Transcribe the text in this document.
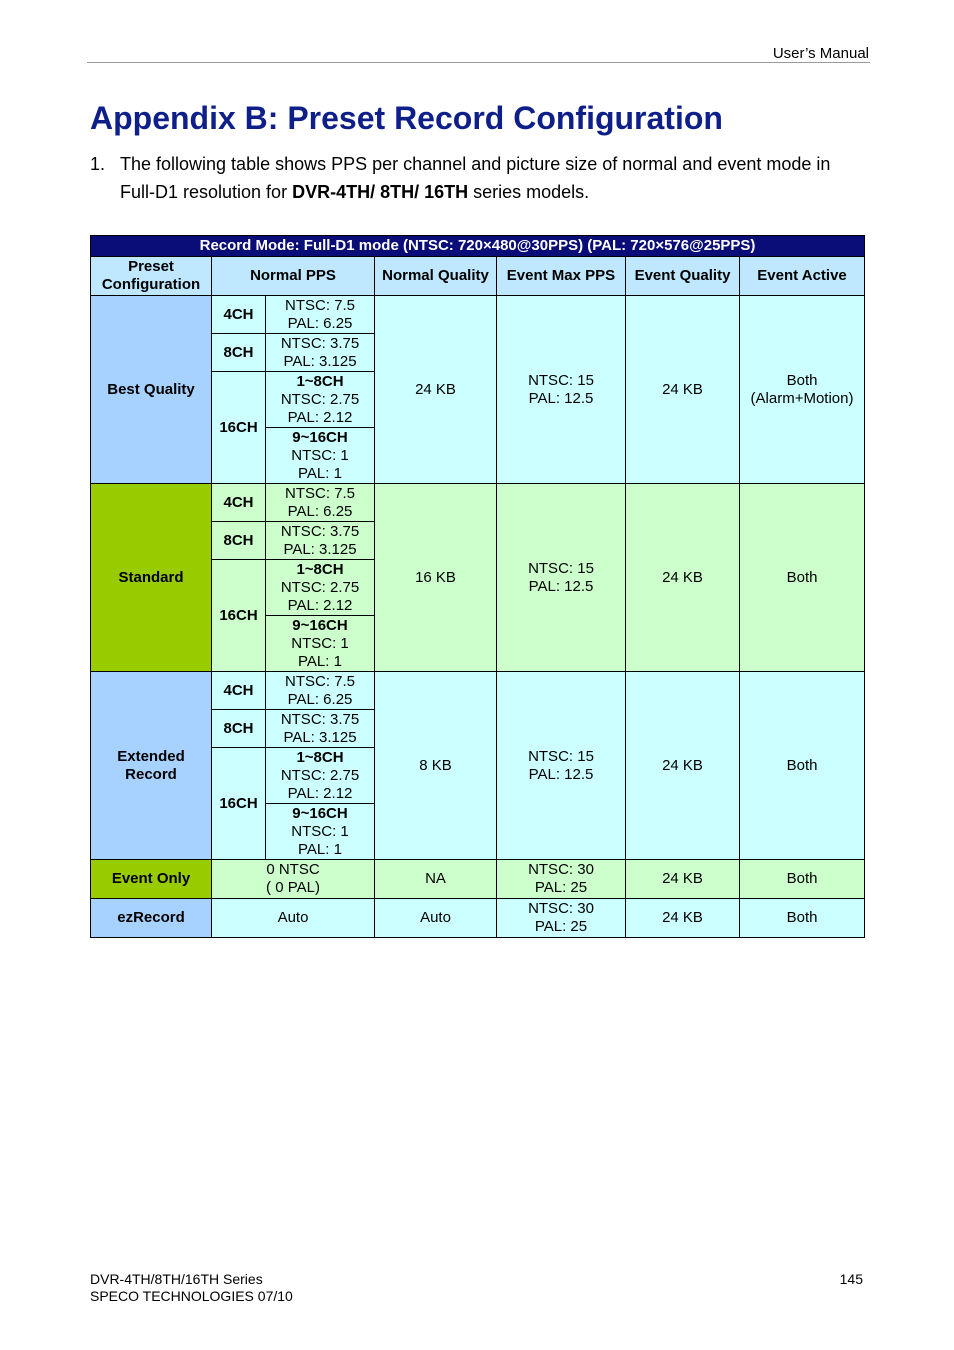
User’s Manual
Appendix B: Preset Record Configuration
1. The following table shows PPS per channel and picture size of normal and event mode in Full-D1 resolution for DVR-4TH/ 8TH/ 16TH series models.
Record Mode: Full-D1 mode (NTSC: 720×480@30PPS) (PAL: 720×576@25PPS)						
Preset Configuration	Normal PPS		Normal Quality	Event Max PPS	Event Quality	Event Active
Best Quality	4CH	NTSC: 7.5
PAL: 6.25	24 KB	NTSC: 15
PAL: 12.5	24 KB	Both
(Alarm+Motion)

	8CH	NTSC: 3.75
PAL: 3.125				

	16CH	1~8CH
NTSC: 2.75
PAL: 2.12				

		9~16CH
NTSC: 1
PAL: 1				

Standard	4CH	NTSC: 7.5
PAL: 6.25	16 KB	NTSC: 15
PAL: 12.5	24 KB	Both
	8CH	NTSC: 3.75
PAL: 3.125				

	16CH	1~8CH
NTSC: 2.75
PAL: 2.12				

		9~16CH
NTSC: 1
PAL: 1				

Extended
Record	4CH	NTSC: 7.5
PAL: 6.25	8 KB	NTSC: 15
PAL: 12.5	24 KB	Both
	8CH	NTSC: 3.75
PAL: 3.125				

	16CH	1~8CH
NTSC: 2.75
PAL: 2.12				

		9~16CH
NTSC: 1
PAL: 1				

Event Only	0 NTSC
( 0 PAL)		NA	NTSC: 30
PAL: 25	24 KB	Both
ezRecord	Auto		Auto	NTSC: 30
PAL: 25	24 KB	Both
DVR-4TH/8TH/16TH Series
SPECO TECHNOLOGIES 07/10
145
